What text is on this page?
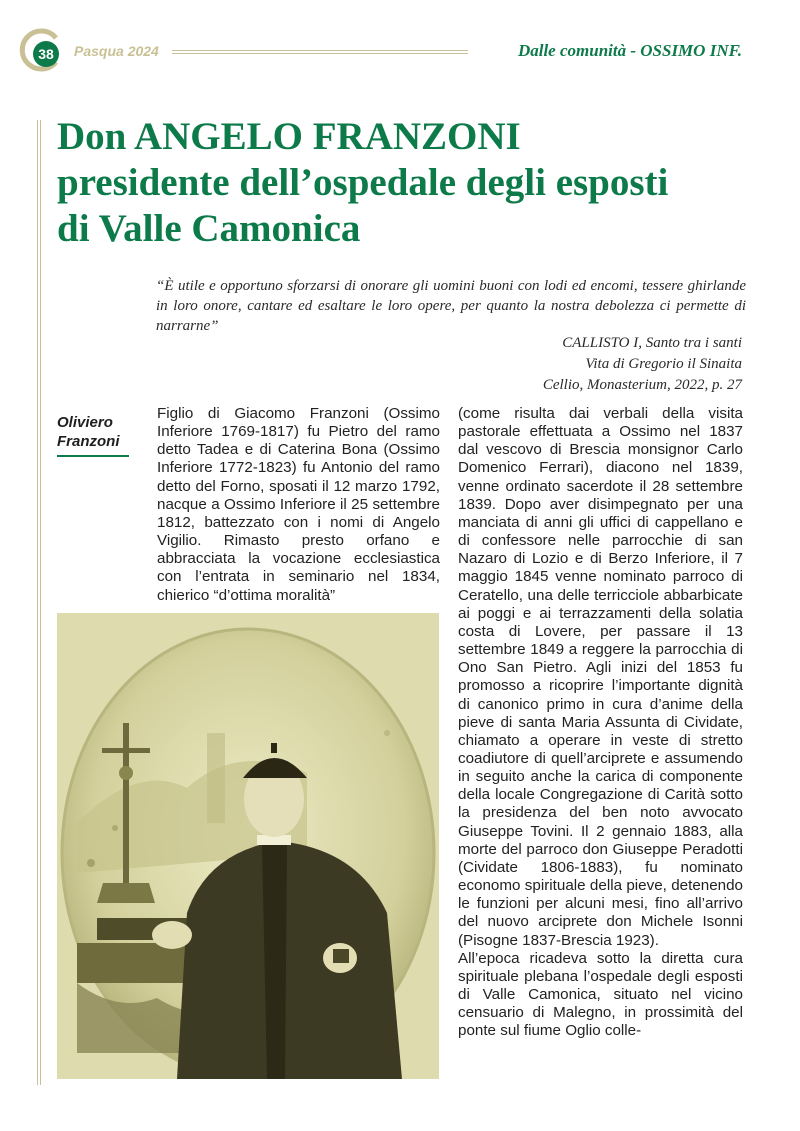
38	Pasqua 2024	Dalle comunità - OSSIMO INF.
Don ANGELO FRANZONI
presidente dell’ospedale degli esposti
di Valle Camonica
“È utile e opportuno sforzarsi di onorare gli uomini buoni con lodi ed encomi, tessere ghirlande in loro onore, cantare ed esaltare le loro opere, per quanto la nostra debolezza ci permette di narrarne”
CALLISTO I, Santo tra i santi
Vita di Gregorio il Sinaita
Cellio, Monasterium, 2022, p. 27
Oliviero
Franzoni
Figlio di Giacomo Franzoni (Ossimo Inferiore 1769-1817) fu Pietro del ramo detto Tadea e di Caterina Bona (Ossimo Inferiore 1772-1823) fu Antonio del ramo detto del Forno, sposati il 12 marzo 1792, nacque a Ossimo Inferiore il 25 settembre 1812, battezzato con i nomi di Angelo Vigilio. Rimasto presto orfano e abbracciata la vocazione ecclesiastica con l’entrata in seminario nel 1834, chierico “d’ottima moralità”

(come risulta dai verbali della visita pastorale effettuata a Ossimo nel 1837 dal vescovo di Brescia monsignor Carlo Domenico Ferrari), diacono nel 1839, venne ordinato sacerdote il 28 settembre 1839. Dopo aver disimpegnato per una manciata di anni gli uffici di cappellano e di confessore nelle parrocchie di san Nazaro di Lozio e di Berzo Inferiore, il 7 maggio 1845 venne nominato parroco di Ceratello, una delle terricciole abbarbicate ai poggi e ai terrazzamenti della solatia costa di Lovere, per passare il 13 settembre 1849 a reggere la parrocchia di Ono San Pietro. Agli inizi del 1853 fu promosso a ricoprire l’importante dignità di canonico primo in cura d’anime della pieve di santa Maria Assunta di Cividate, chiamato a operare in veste di stretto coadiutore di quell’arciprete e assumendo in seguito anche la carica di componente della locale Congregazione di Carità sotto la presidenza del ben noto avvocato Giuseppe Tovini. Il 2 gennaio 1883, alla morte del parroco don Giuseppe Peradotti (Cividate 1806-1883), fu nominato economo spirituale della pieve, detenendo le funzioni per alcuni mesi, fino all’arrivo del nuovo arciprete don Michele Isonni (Pisogne 1837-Brescia 1923).

All’epoca ricadeva sotto la diretta cura spirituale plebana l’ospedale degli esposti di Valle Camonica, situato nel vicino censuario di Malegno, in prossimità del ponte sul fiume Oglio colle-
